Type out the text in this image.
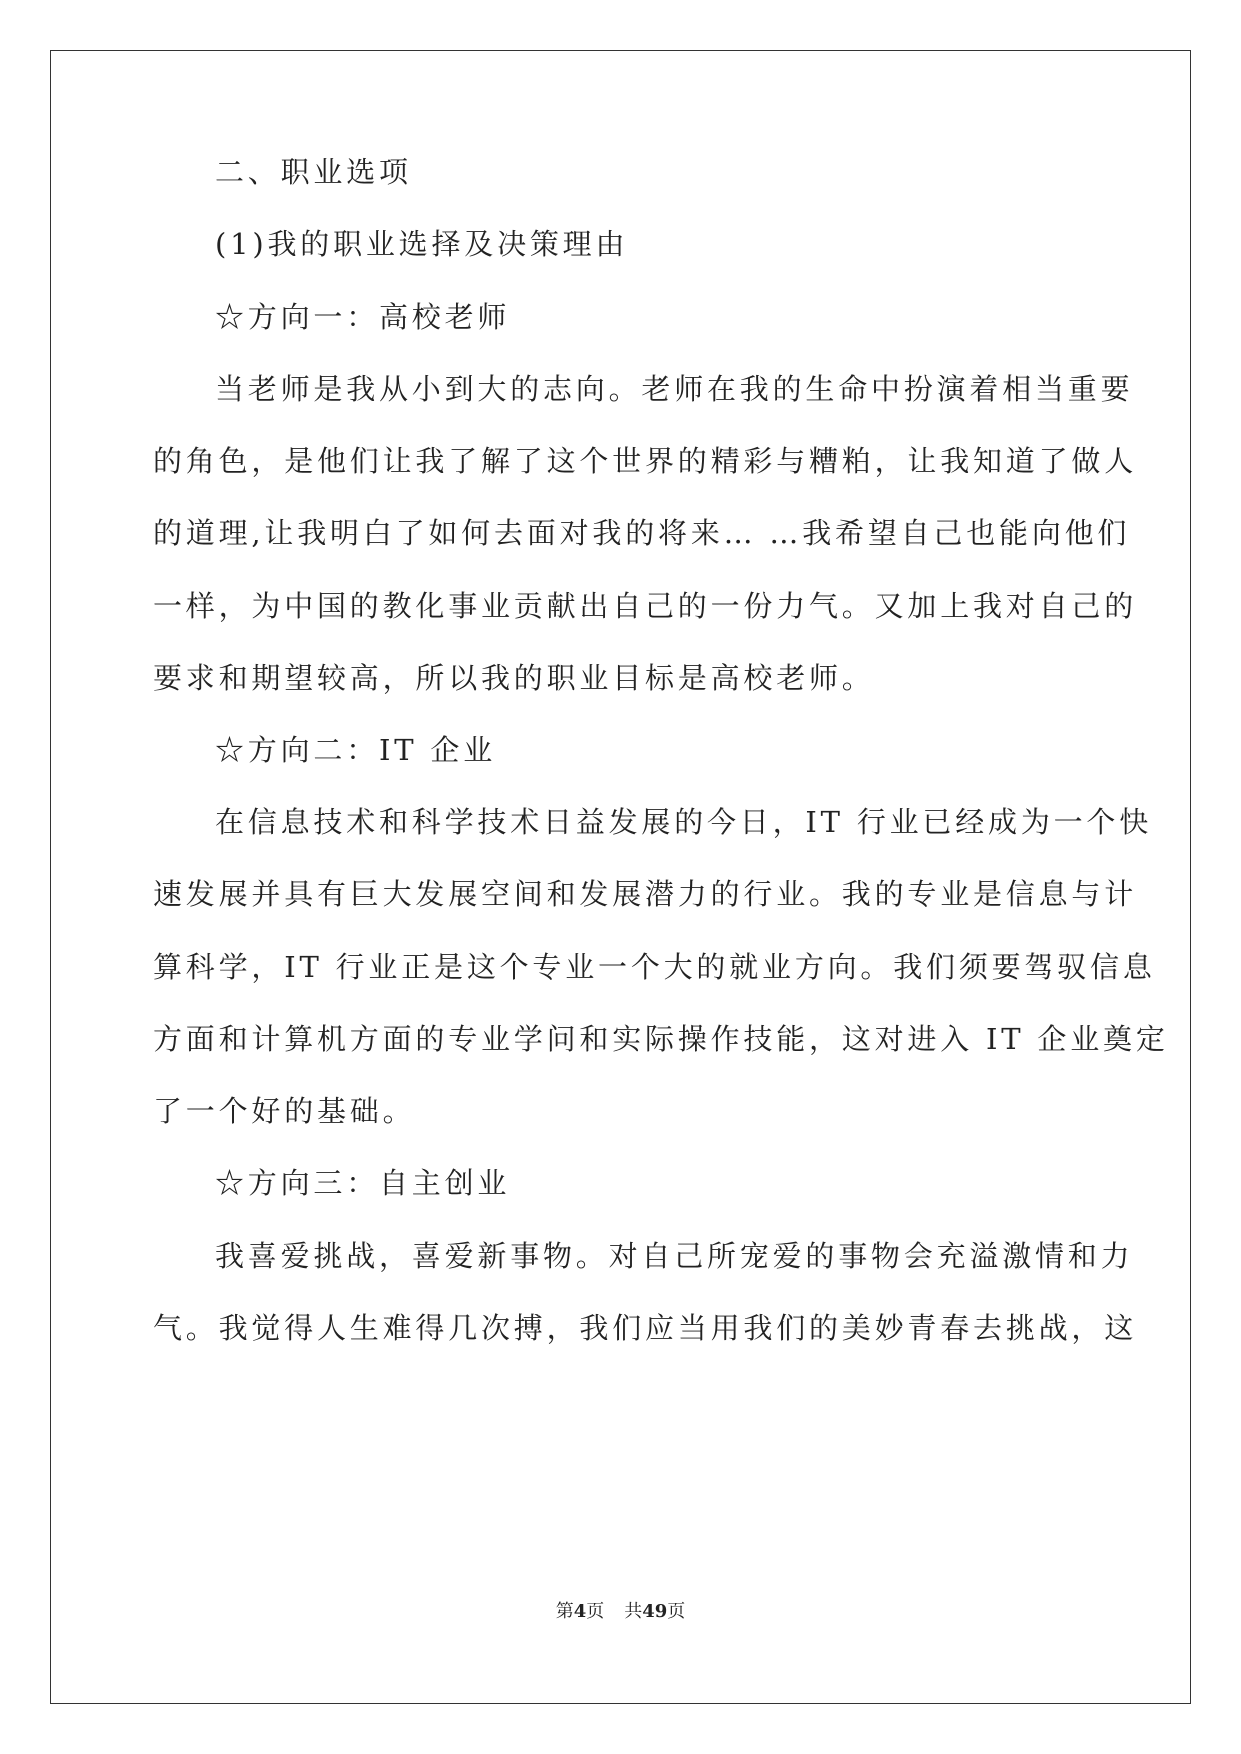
二、职业选项
(1)我的职业选择及决策理由
☆方向一：高校老师
当老师是我从小到大的志向。老师在我的生命中扮演着相当重要
的角色，是他们让我了解了这个世界的精彩与糟粕，让我知道了做人
的道理,让我明白了如何去面对我的将来… …我希望自己也能向他们
一样，为中国的教化事业贡献出自己的一份力气。又加上我对自己的
要求和期望较高，所以我的职业目标是高校老师。
☆方向二：IT 企业
在信息技术和科学技术日益发展的今日，IT 行业已经成为一个快
速发展并具有巨大发展空间和发展潜力的行业。我的专业是信息与计
算科学，IT 行业正是这个专业一个大的就业方向。我们须要驾驭信息
方面和计算机方面的专业学问和实际操作技能，这对进入 IT 企业奠定
了一个好的基础。
☆方向三：自主创业
我喜爱挑战，喜爱新事物。对自己所宠爱的事物会充溢激情和力
气。我觉得人生难得几次搏，我们应当用我们的美妙青春去挑战，这
第4页 共49页
